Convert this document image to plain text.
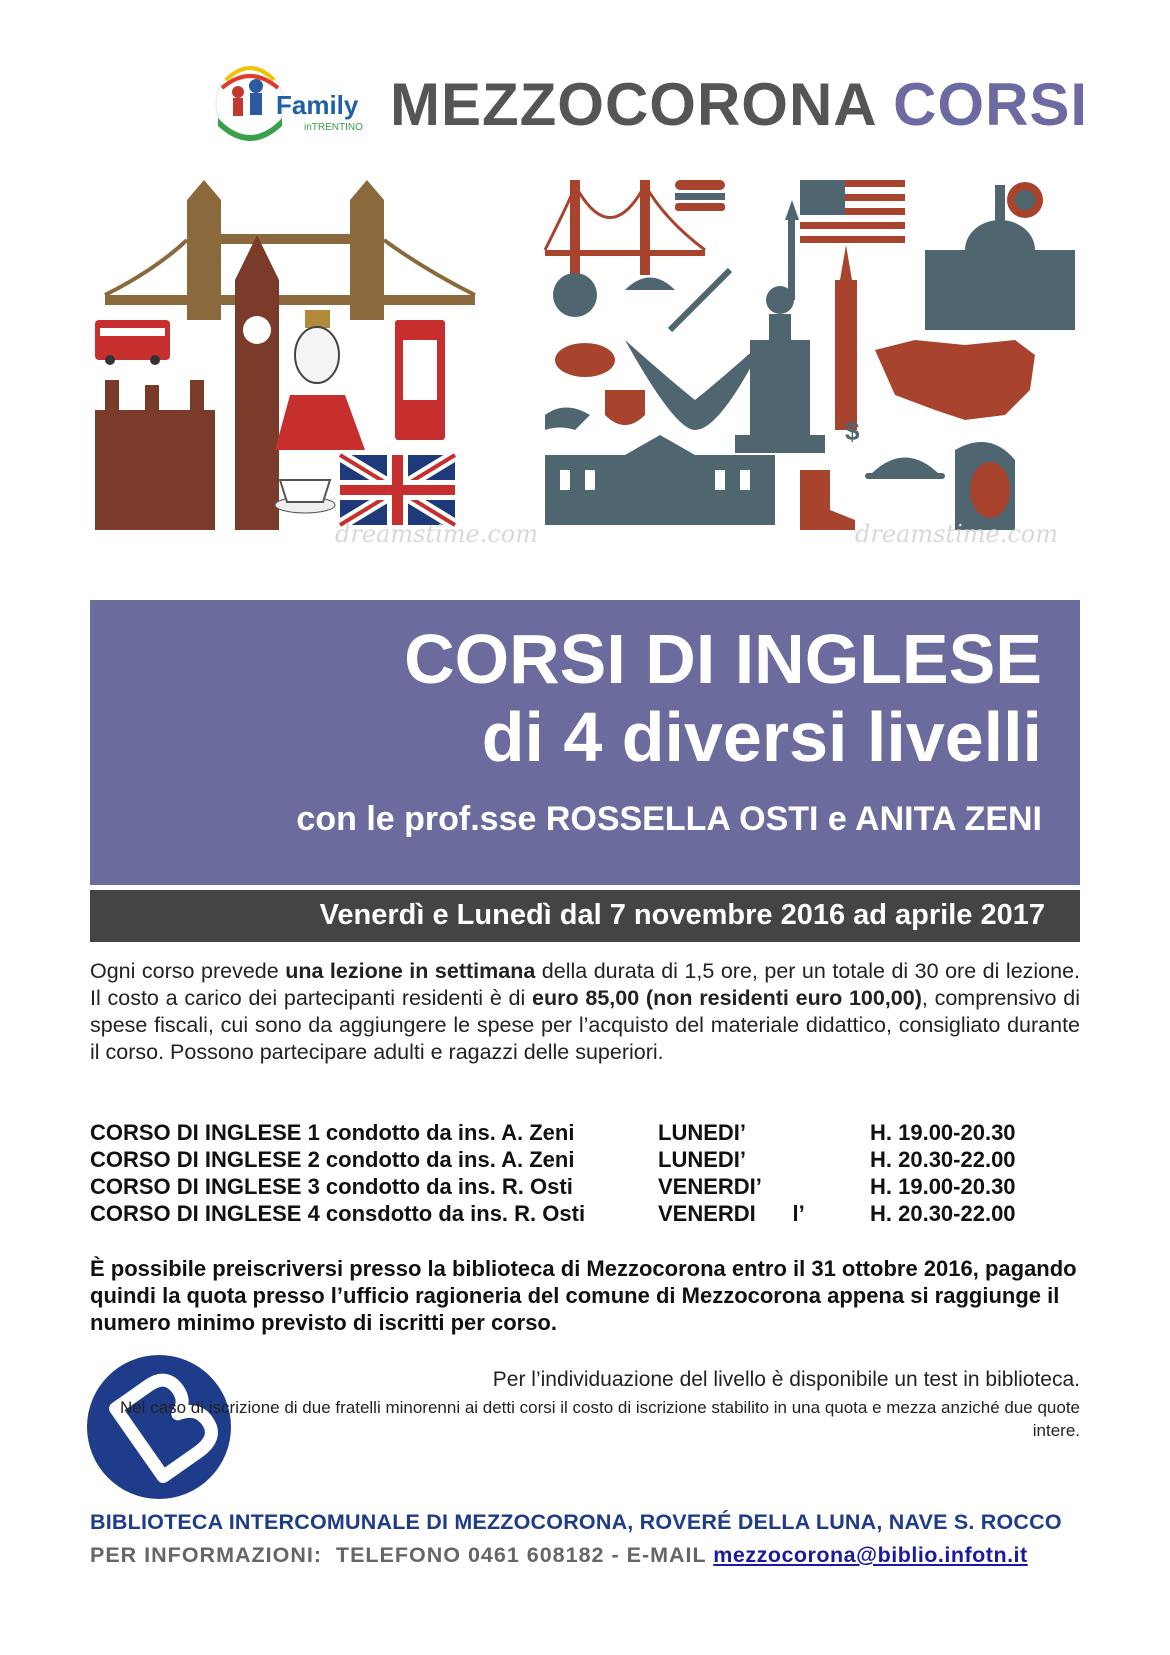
Family
inTRENTINO MEZZOCORONA CORSI
dreamstime.com
$
dreamstime.com
CORSI DI INGLESE
di 4 diversi livelli
con le prof.sse ROSSELLA OSTI e ANITA ZENI
Venerdì e Lunedì dal 7 novembre 2016 ad aprile 2017
Ogni corso prevede una lezione in settimana della durata di 1,5 ore, per un totale di 30 ore di lezione. Il costo a carico dei partecipanti residenti è di euro 85,00 (non residenti euro 100,00), comprensivo di spese fiscali, cui sono da aggiungere le spese per l’acquisto del materiale didattico, consigliato durante il corso. Possono partecipare adulti e ragazzi delle superiori.
CORSO DI INGLESE 1 condotto da ins. A. Zeni	LUNEDI’	H. 19.00-20.30
CORSO DI INGLESE 2 condotto da ins. A. Zeni	LUNEDI’	H. 20.30-22.00
CORSO DI INGLESE 3 condotto da ins. R. Osti	VENERDI’	H. 19.00-20.30
CORSO DI INGLESE 4 consdotto da ins. R. Osti	VENERDI      l’	H. 20.30-22.00
È possibile preiscriversi presso la biblioteca di Mezzocorona entro il 31 ottobre 2016, pagando quindi la quota presso l’ufficio ragioneria del comune di Mezzocorona appena si raggiunge il numero minimo previsto di iscritti per corso.
Per l’individuazione del livello è disponibile un test in biblioteca.
Nel caso di iscrizione di due fratelli minorenni ai detti corsi il costo di iscrizione stabilito in una quota e mezza anziché due quote intere.
BIBLIOTECA INTERCOMUNALE DI MEZZOCORONA, ROVERÉ DELLA LUNA, NAVE S. ROCCO
PER INFORMAZIONI:  TELEFONO 0461 608182 - E-MAIL mezzocorona@biblio.infotn.it
